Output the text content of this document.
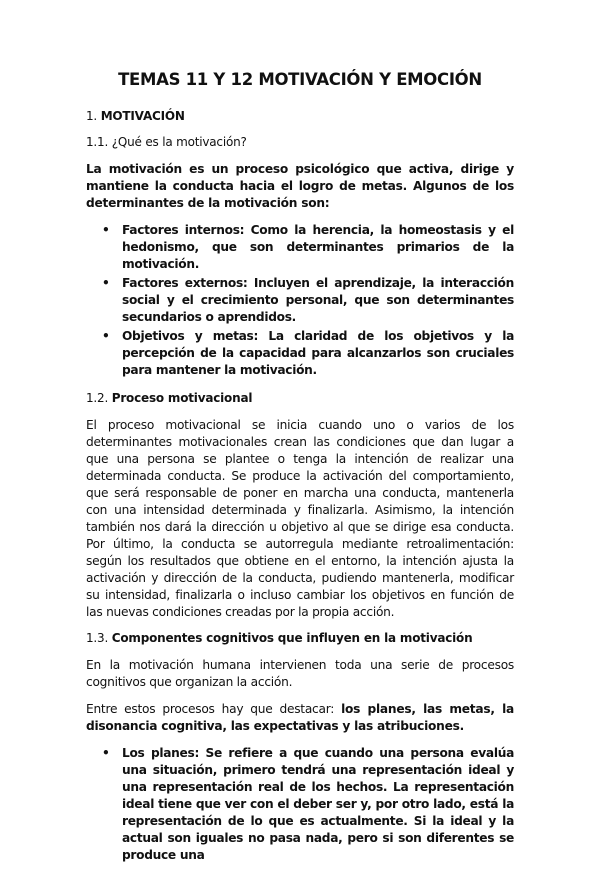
TEMAS 11 Y 12 MOTIVACIÓN Y EMOCIÓN
1. MOTIVACIÓN
1.1. ¿Qué es la motivación?

La motivación es un proceso psicológico que activa, dirige y mantiene la conducta hacia el logro de metas. Algunos de los determinantes de la motivación son:

• Factores internos: Como la herencia, la homeostasis y el hedonismo, que son determinantes primarios de la motivación.
• Factores externos: Incluyen el aprendizaje, la interacción social y el crecimiento personal, que son determinantes secundarios o aprendidos.
• Objetivos y metas: La claridad de los objetivos y la percepción de la capacidad para alcanzarlos son cruciales para mantener la motivación.
1.2. Proceso motivacional

El proceso motivacional se inicia cuando uno o varios de los determinantes motivacionales crean las condiciones que dan lugar a que una persona se plantee o tenga la intención de realizar una determinada conducta. Se produce la activación del comportamiento, que será responsable de poner en marcha una conducta, mantenerla con una intensidad determinada y finalizarla. Asimismo, la intención también nos dará la dirección u objetivo al que se dirige esa conducta. Por último, la conducta se autorregula mediante retroalimentación: según los resultados que obtiene en el entorno, la intención ajusta la activación y dirección de la conducta, pudiendo mantenerla, modificar su intensidad, finalizarla o incluso cambiar los objetivos en función de las nuevas condiciones creadas por la propia acción.

1.3. Componentes cognitivos que influyen en la motivación

En la motivación humana intervienen toda una serie de procesos cognitivos que organizan la acción.

Entre estos procesos hay que destacar: los planes, las metas, la disonancia cognitiva, las expectativas y las atribuciones.

• Los planes: Se refiere a que cuando una persona evalúa una situación, primero tendrá una representación ideal y una representación real de los hechos. La representación ideal tiene que ver con el deber ser y, por otro lado, está la representación de lo que es actualmente. Si la ideal y la actual son iguales no pasa nada, pero si son diferentes se produce una
